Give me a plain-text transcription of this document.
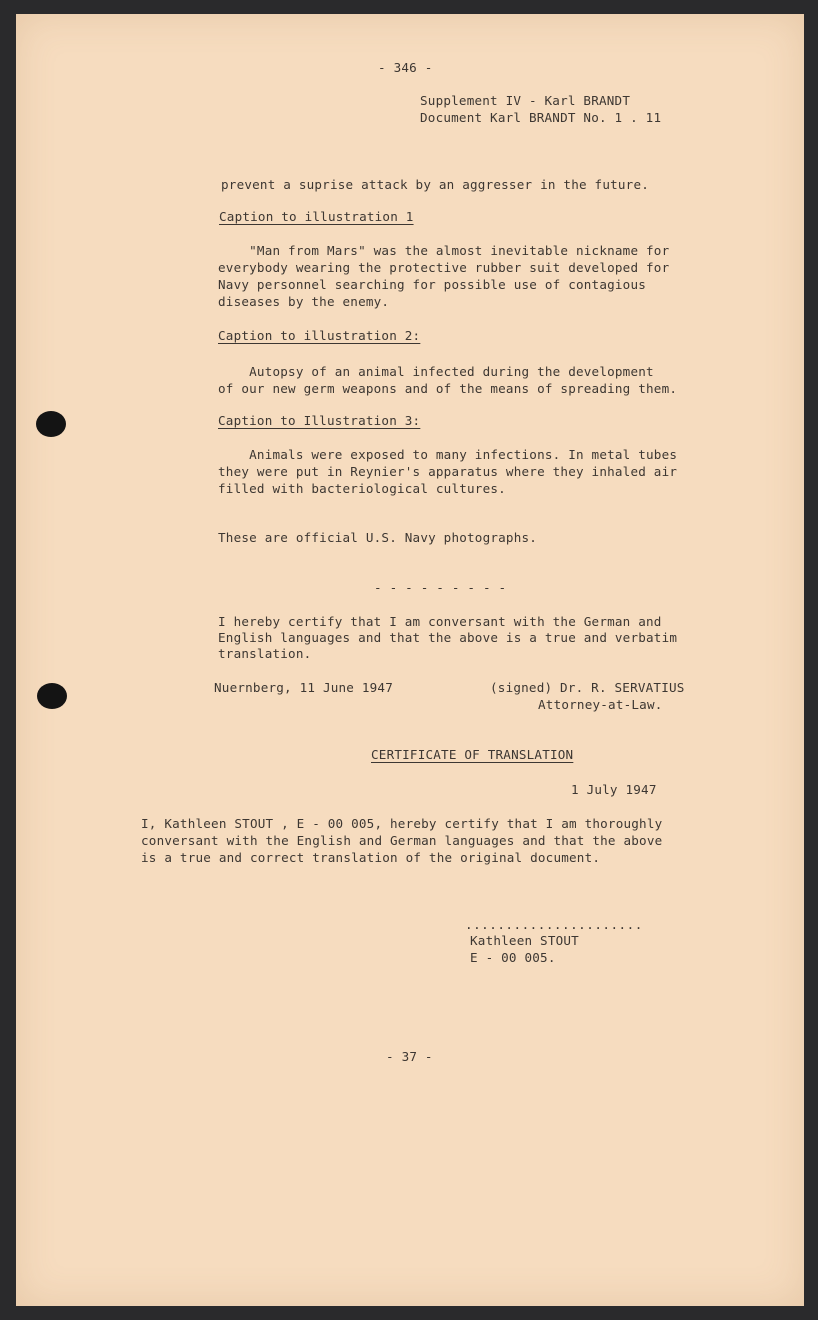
- 346 -
Supplement IV - Karl BRANDT
Document Karl BRANDT No. 1 . 11
prevent a suprise attack by an aggresser in the future.
Caption to illustration 1
"Man from Mars" was the almost inevitable nickname for
everybody wearing the protective rubber suit developed for
Navy personnel searching for possible use of contagious
diseases by the enemy.
Caption to illustration 2:
Autopsy of an animal infected during the development
of our new germ weapons and of the means of spreading them.
Caption to Illustration 3:
Animals were exposed to many infections. In metal tubes
they were put in Reynier's apparatus where they inhaled air
filled with bacteriological cultures.
These are official U.S. Navy photographs.
- - - - - - - - -
I hereby certify that I am conversant with the German and
English languages and that the above is a true and verbatim
translation.
Nuernberg, 11 June 1947	(signed) Dr. R. SERVATIUS
Attorney-at-Law.
CERTIFICATE OF TRANSLATION
1 July 1947
I, Kathleen STOUT , E - 00 005, hereby certify that I am thoroughly
conversant with the English and German languages and that the above
is a true and correct translation of the original document.
......................
Kathleen STOUT
E - 00 005.
- 37 -
